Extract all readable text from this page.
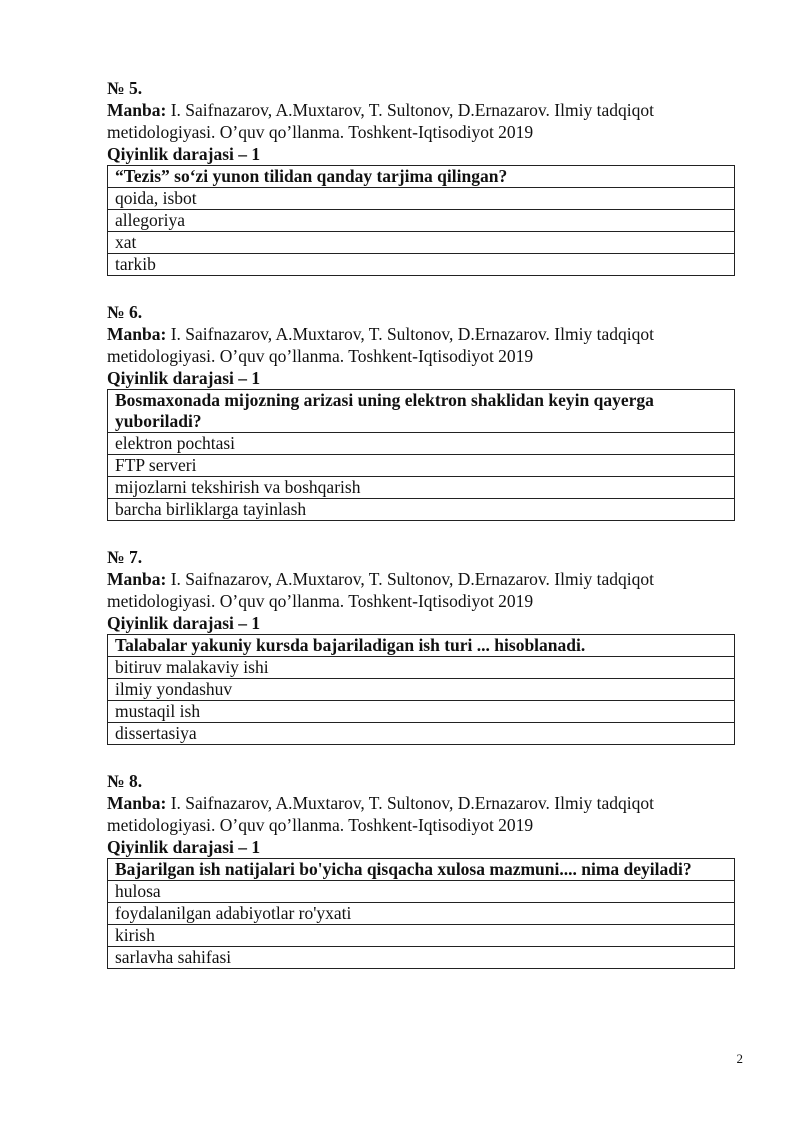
№ 5.
Manba: I. Saifnazarov, A.Muxtarov, T. Sultonov, D.Ernazarov. Ilmiy tadqiqot
metidologiyasi. O’quv qo’llanma. Toshkent-Iqtisodiyot 2019
Qiyinlik darajasi – 1
“Tezis” so‘zi yunon tilidan qanday tarjima qilingan?
qoida, isbot
allegoriya
xat
tarkib
№ 6.
Manba: I. Saifnazarov, A.Muxtarov, T. Sultonov, D.Ernazarov. Ilmiy tadqiqot
metidologiyasi. O’quv qo’llanma. Toshkent-Iqtisodiyot 2019
Qiyinlik darajasi – 1
Bosmaxonada mijozning arizasi uning elektron shaklidan keyin qayerga yuboriladi?
elektron pochtasi
FTP serveri
mijozlarni tekshirish va boshqarish
barcha birliklarga tayinlash
№ 7.
Manba: I. Saifnazarov, A.Muxtarov, T. Sultonov, D.Ernazarov. Ilmiy tadqiqot
metidologiyasi. O’quv qo’llanma. Toshkent-Iqtisodiyot 2019
Qiyinlik darajasi – 1
Talabalar yakuniy kursda bajariladigan ish turi ... hisoblanadi.
bitiruv malakaviy ishi
ilmiy yondashuv
mustaqil ish
dissertasiya
№ 8.
Manba: I. Saifnazarov, A.Muxtarov, T. Sultonov, D.Ernazarov. Ilmiy tadqiqot
metidologiyasi. O’quv qo’llanma. Toshkent-Iqtisodiyot 2019
Qiyinlik darajasi – 1
Bajarilgan ish natijalari bo'yicha qisqacha xulosa mazmuni.... nima deyiladi?
hulosa
foydalanilgan adabiyotlar ro'yxati
kirish
sarlavha sahifasi
2
